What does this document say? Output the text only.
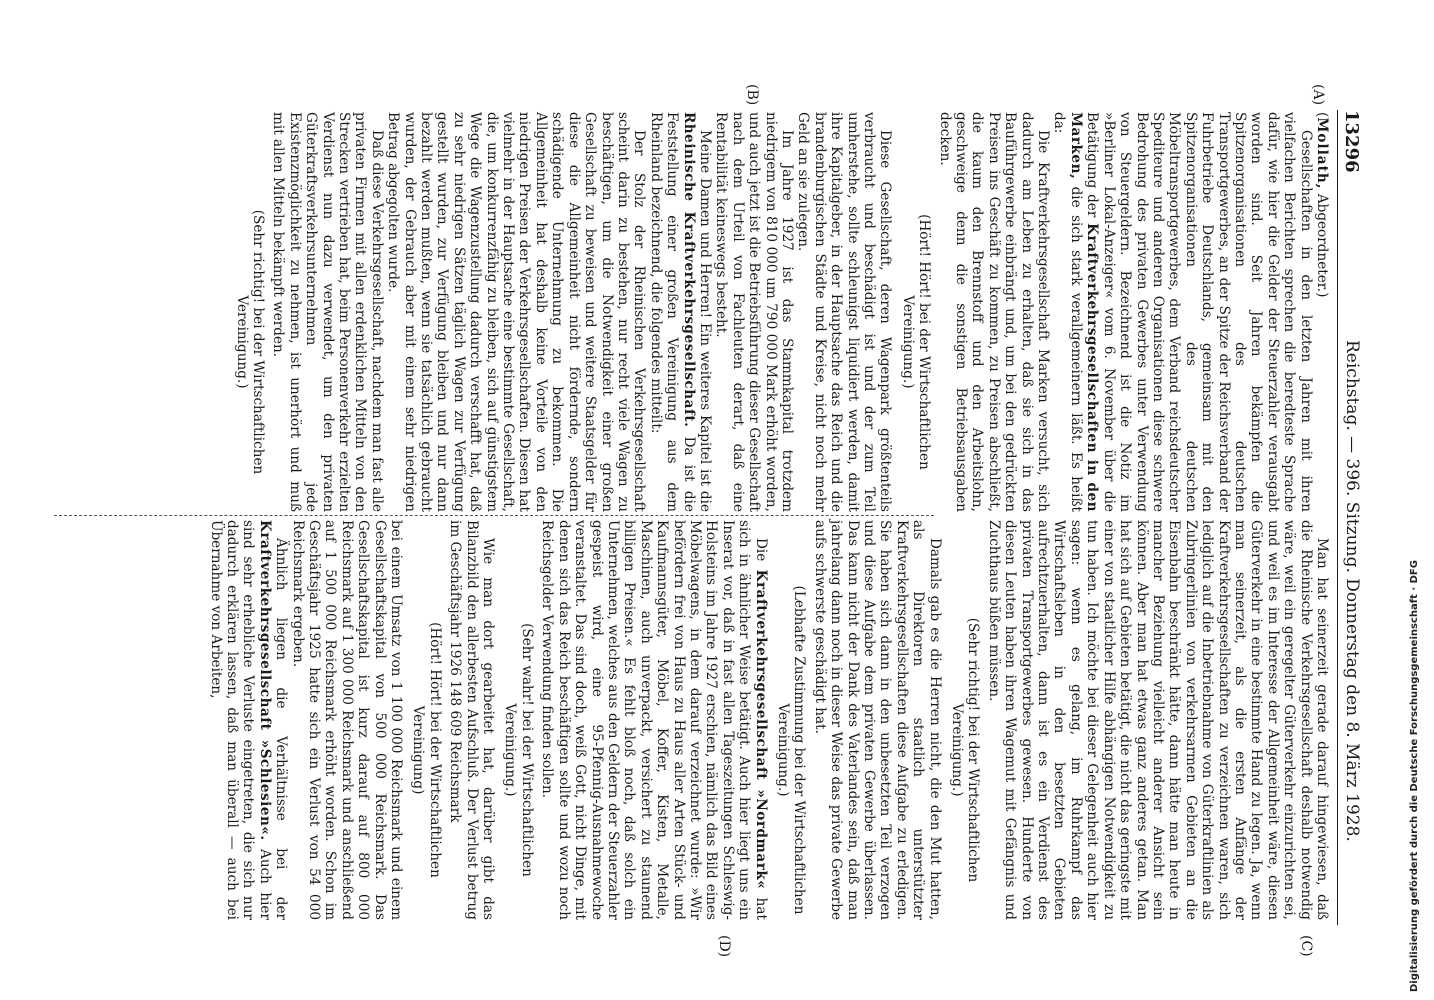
13296
Reichstag. — 396. Sitzung. Donnerstag den 8. März 1928.
(A)
(B)
(C)
(D)

(Mollath, Abgeordneter.)

Gesellschaften in den letzten Jahren mit ihren vielfachen Berichten sprechen die beredteste Sprache dafür, wie hier die Gelder der Steuerzahler verausgabt worden sind. Seit Jahren bekämpfen die Spitzenorganisationen des deutschen Transportgewerbes, an der Spitze der Reichsverband der Fuhrbetriebe Deutschlands, gemeinsam mit den Spitzenorganisationen des deutschen Möbeltransportgewerbes, dem Verband reichsdeutscher Spediteure und anderen Organisationen diese schwere Bedrohung des privaten Gewerbes unter Verwendung von Steuergeldern. Bezeichnend ist die Notiz im »Berliner Lokal-Anzeiger« vom 6. November über die Betätigung der Kraftverkehrsgesellschaften in den Marken, die sich stark verallgemeinern läßt. Es heißt da:

Die Kraftverkehrsgesellschaft Marken versucht, sich dadurch am Leben zu erhalten, daß sie sich in das Bauführgewerbe einbrängt und, um bei den gedrückten Preisen ins Geschäft zu kommen, zu Preisen abschließt, die kaum den Brennstoff und den Arbeitslohn, geschweige denn die sonstigen Betriebsausgaben decken.

(Hört! Hört! bei der Wirtschaftlichen Vereinigung.)

Diese Gesellschaft, deren Wagenpark größtenteils verbraucht und beschädigt ist und der zum Teil umherstehe, sollte schleunigst liquidiert werden, damit ihre Kapitalgeber, in der Hauptsache das Reich und die brandenburgischen Städte und Kreise, nicht noch mehr Geld an sie zulegen.

Im Jahre 1927 ist das Stammkapital trotzdem niedrigem von 810 000 um 790 000 Mark erhöht worden, und auch jetzt ist die Betriebsführung dieser Gesellschaft nach dem Urteil von Fachleuten derart, daß eine Rentabilität keineswegs besteht.

Meine Damen und Herren! Ein weiteres Kapitel ist die Rheinische Kraftverkehrsgesellschaft. Da ist die Feststellung einer großen Vereinigung aus dem Rheinland bezeichnend, die folgendes mitteilt:

Der Stolz der Rheinischen Verkehrsgesellschaft scheint darin zu bestehen, nur recht viele Wagen zu beschäftigen, um die Notwendigkeit einer großen Gesellschaft zu beweisen und weitere Staatsgelder für diese die Allgemeinheit nicht fördernde, sondern schädigende Unternehmung zu bekommen. Die Allgemeinheit hat deshalb keine Vorteile von den niedrigen Preisen der Verkehrsgesellschaften. Diesen hat vielmehr in der Hauptsache eine bestimmte Gesellschaft, die, um konkurrenzfähig zu bleiben, sich auf günstigstem Wege die Wagenzustellung dadurch verschafft hat, daß zu sehr niedrigen Sätzen täglich Wagen zur Verfügung gestellt wurden, zur Verfügung bleiben und nur dann bezahlt werden mußten, wenn sie tatsächlich gebraucht wurden, der Gebrauch aber mit einem sehr niedrigen Betrag abgegolten wurde.

Daß diese Verkehrsgesellschaft, nachdem man fast alle privaten Firmen mit allen erdenklichen Mitteln von den Strecken vertrieben hat, beim Personenverkehr erzielten Verdienst nun dazu verwendet, um den privaten Güterkraftsverkehrsunternehmen jede Existenzmöglichkeit zu nehmen, ist unerhört und muß mit allen Mitteln bekämpft werden.

(Sehr richtig! bei der Wirtschaftlichen Vereinigung.)

Man hat seinerzeit gerade darauf hingewiesen, daß die Rheinische Verkehrsgesellschaft deshalb notwendig wäre, weil ein geregelter Güterverkehr einzurichten sei, und weil es im Interesse der Allgemeinheit wäre, diesen Güterverkehr in eine bestimmte Hand zu legen. Ja, wenn man seinerzeit, als die ersten Anfänge der Kraftverkehrsgesellschaften zu verzeichnen waren, sich lediglich auf die Inbetriebnahme von Güterkraftlinien als Zubringerlinien von verkehrsarmen Gebieten an die Eisenbahn beschränkt hätte, dann hätte man heute in mancher Beziehung vielleicht anderer Ansicht sein können. Aber man hat etwas ganz anderes getan. Man hat sich auf Gebieten betätigt, die nicht das geringste mit einer von staatlicher Hilfe abhängigen Notwendigkeit zu tun haben. Ich möchte bei dieser Gelegenheit auch hier sagen: wenn es gelang, im Ruhrkampf das Wirtschaftsleben in den besetzten Gebieten aufrechtzuerhalten, dann ist es ein Verdienst des privaten Transportgewerbes gewesen. Hunderte von diesen Leuten haben ihren Wagemut mit Gefängnis und Zuchthaus büßen müssen.

(Sehr richtig! bei der Wirtschaftlichen Vereinigung.)

Damals gab es die Herren nicht, die den Mut hatten, als Direktoren staatlich unterstützter Kraftverkehrsgesellschaften diese Aufgabe zu erledigen. Sie haben sich dann in den unbesetzten Teil verzogen und diese Aufgabe dem privaten Gewerbe überlassen. Das kann nicht der Dank des Vaterlandes sein, daß man jahrelang dann noch in dieser Weise das private Gewerbe aufs schwerste geschädigt hat.

(Lebhafte Zustimmung bei der Wirtschaftlichen Vereinigung.)

Die Kraftverkehrsgesellschaft »Nordmark« hat sich in ähnlicher Weise betätigt. Auch hier liegt uns ein Inserat vor, daß in fast allen Tageszeitungen Schleswig-Holsteins im Jahre 1927 erschien, nämlich das Bild eines Möbelwagens, in dem darauf verzeichnet wurde: »Wir befördern frei von Haus zu Haus aller Arten Stück- und Kaufmannsgüter, Möbel, Koffer, Kisten, Metalle, Maschinen, auch unverpackt, versichert zu staunend billigen Preisen.« Es fehlt bloß noch, daß solch ein Unternehmen, welches aus den Geldern der Steuerzahler gespeist wird, eine 95-Pfennig-Ausnahmewoche veranstaltet. Das sind doch, weiß Gott, nicht Dinge, mit denen sich das Reich beschäftigen sollte und wozu noch Reichsgelder Verwendung finden sollen.

(Sehr wahr! bei der Wirtschaftlichen Vereinigung.)

Wie man dort gearbeitet hat, darüber gibt das Bilanzbild den allerbesten Aufschluß. Der Verlust betrug im Geschäftsjahr 1926 148 609 Reichsmark

(Hört! Hört! bei der Wirtschaftlichen Vereinigung)

bei einem Umsatz von 1 100 000 Reichsmark und einem Gesellschaftskapital von 500 000 Reichsmark. Das Gesellschaftskapital ist kurz darauf auf 800 000 Reichsmark auf 1 300 000 Reichsmark und anschließend auf 1 500 000 Reichsmark erhöht worden. Schon im Geschäftsjahr 1925 hatte sich ein Verlust von 54 000 Reichsmark ergeben.

Ähnlich liegen die Verhältnisse bei der Kraftverkehrsgesellschaft »Schlesien«. Auch hier sind sehr erhebliche Verluste eingetreten, die sich nur dadurch erklären lassen, daß man überall — auch bei Übernahme von Arbeiten,	Digitalisierung gefördert durch die Deutsche Forschungsgemeinschaft · DFG
